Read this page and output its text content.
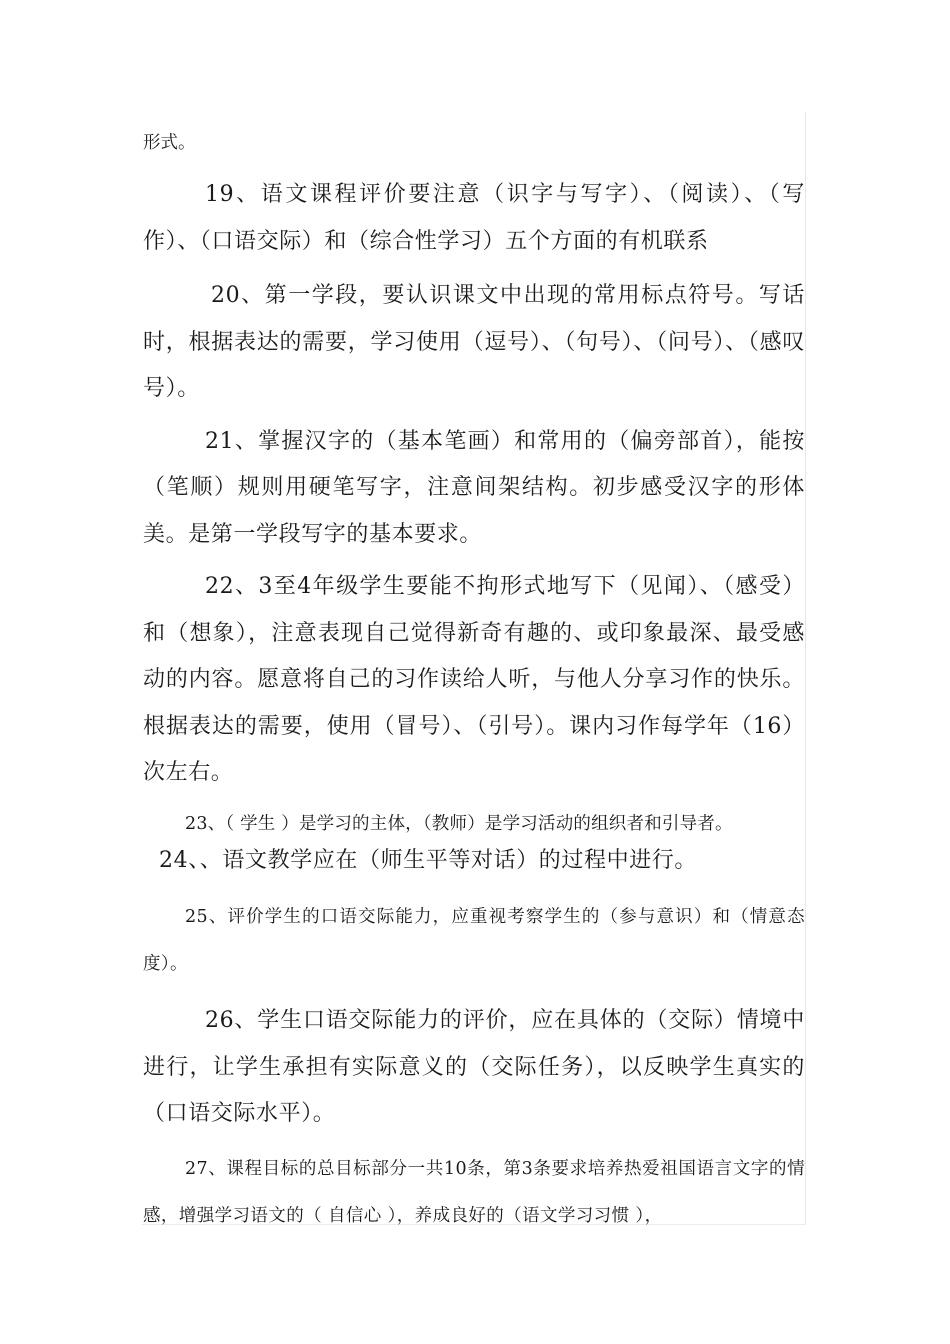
形式。

19、语文课程评价要注意（识字与写字）、（阅读）、（写作）、（口语交际）和（综合性学习）五个方面的有机联系

20、第一学段，要认识课文中出现的常用标点符号。写话时，根据表达的需要，学习使用（逗号）、（句号）、（问号）、（感叹号）。

21、掌握汉字的（基本笔画）和常用的（偏旁部首），能按（笔顺）规则用硬笔写字，注意间架结构。初步感受汉字的形体美。是第一学段写字的基本要求。

22、3至4年级学生要能不拘形式地写下（见闻）、（感受）和（想象），注意表现自己觉得新奇有趣的、或印象最深、最受感动的内容。愿意将自己的习作读给人听，与他人分享习作的快乐。根据表达的需要，使用（冒号）、（引号）。课内习作每学年（16）次左右。

23、（ 学生 ）是学习的主体，（教师）是学习活动的组织者和引导者。

24、、语文教学应在（师生平等对话）的过程中进行。

25、评价学生的口语交际能力，应重视考察学生的（参与意识）和（情意态度）。

26、学生口语交际能力的评价，应在具体的（交际）情境中进行，让学生承担有实际意义的（交际任务），以反映学生真实的（口语交际水平）。

27、课程目标的总目标部分一共10条，第3条要求培养热爱祖国语言文字的情感，增强学习语文的（ 自信心 ），养成良好的（语文学习习惯 ），
